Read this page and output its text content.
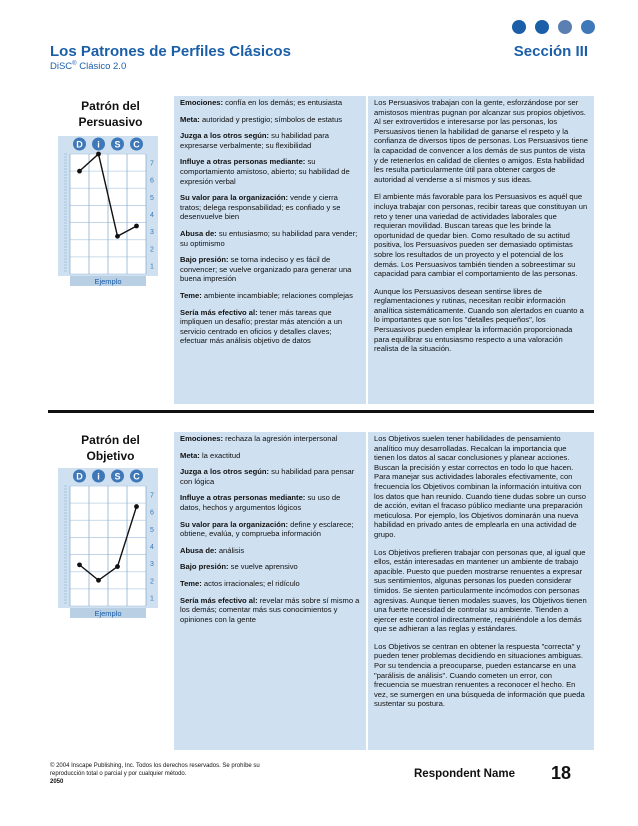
Los Patrones de Perfiles Clásicos
DiSC® Clásico 2.0
Sección III
Patrón del
Persuasivo
D i S C
7
6
5
4
3
2
1
Ejemplo

Emociones: confía en los demás; es entusiasta

Meta: autoridad y prestigio; símbolos de estatus

Juzga a los otros según: su habilidad para expresarse verbalmente; su flexibilidad

Influye a otras personas mediante: su comportamiento amistoso, abierto; su habilidad de expresión verbal

Su valor para la organización: vende y cierra tratos; delega responsabilidad; es confiado y se desenvuelve bien

Abusa de: su entusiasmo; su habilidad para vender; su optimismo

Bajo presión: se torna indeciso y es fácil de convencer; se vuelve organizado para generar una buena impresión

Teme: ambiente incambiable; relaciones complejas

Sería más efectivo al: tener más tareas que impliquen un desafío; prestar más atención a un servicio centrado en oficios y detalles claves; efectuar más análisis objetivo de datos

Los Persuasivos trabajan con la gente, esforzándose por ser amistosos mientras pugnan por alcanzar sus propios objetivos. Al ser extrovertidos e interesarse por las personas, los Persuasivos tienen la habilidad de ganarse el respeto y la confianza de diversos tipos de personas. Los Persuasivos tiene la capacidad de convencer a los demás de sus puntos de vista y de retenerlos en calidad de clientes o amigos. Esta habilidad les resulta particularmente útil para obtener cargos de autoridad al venderse a sí mismos y sus ideas.

El ambiente más favorable para los Persuasivos es aquél que incluya trabajar con personas, recibir tareas que constituyan un reto y tener una variedad de actividades laborales que requieran movilidad. Buscan tareas que les brinde la oportunidad de quedar bien. Como resultado de su actitud positiva, los Persuasivos pueden ser demasiado optimistas sobre los resultados de un proyecto y el potencial de los demás. Los Persuasivos también tienden a sobreestimar su capacidad para cambiar el comportamiento de las personas.

Aunque los Persuasivos desean sentirse libres de reglamentaciones y rutinas, necesitan recibir información analítica sistemáticamente. Cuando son alertados en cuanto a lo importantes que son los "detalles pequeños", los Persuasivos pueden emplear la información proporcionada para equilibrar su entusiasmo respecto a una valoración realista de la situación.

Patrón del
Objetivo
D i S C
7
6
5
4
3
2
1
Ejemplo

Emociones: rechaza la agresión interpersonal

Meta: la exactitud

Juzga a los otros según: su habilidad para pensar con lógica

Influye a otras personas mediante: su uso de datos, hechos y argumentos lógicos

Su valor para la organización: define y esclarece; obtiene, evalúa, y comprueba información

Abusa de: análisis

Bajo presión: se vuelve aprensivo

Teme: actos irracionales; el ridículo

Sería más efectivo al: revelar más sobre sí mismo a los demás; comentar más sus conocimientos y opiniones con la gente

Los Objetivos suelen tener habilidades de pensamiento analítico muy desarrolladas. Recalcan la importancia que tienen los datos al sacar conclusiones y planear acciones. Buscan la precisión y estar correctos en todo lo que hacen. Para manejar sus actividades laborales efectivamente, con frecuencia los Objetivos combinan la información intuitiva con los datos que han reunido. Cuando tiene dudas sobre un curso de acción, evitan el fracaso público mediante una preparación meticulosa. Por ejemplo, los Objetivos dominarán una nueva habilidad en privado antes de emplearla en una actividad de grupo.

Los Objetivos prefieren trabajar con personas que, al igual que ellos, están interesadas en mantener un ambiente de trabajo apacible. Puesto que pueden mostrarse renuentes a expresar sus sentimientos, algunas personas los pueden considerar tímidos. Se sienten particularmente incómodos con personas agresivas. Aunque tienen modales suaves, los Objetivos tienen una fuerte necesidad de controlar su ambiente. Tienden a ejercer este control indirectamente, requiriéndole a los demás que se adhieran a las reglas y estándares.

Los Objetivos se centran en obtener la respuesta "correcta" y pueden tener problemas decidiendo en situaciones ambiguas. Por su tendencia a preocuparse, pueden estancarse en una "parálisis de análisis". Cuando cometen un error, con frecuencia se muestran renuentes a reconocer el hecho. En vez, se sumergen en una búsqueda de información que pueda sustentar su postura.

© 2004 Inscape Publishing, Inc. Todos los derechos reservados. Se prohíbe su reproducción total o parcial y por cualquier método.
2050
Respondent Name 18
